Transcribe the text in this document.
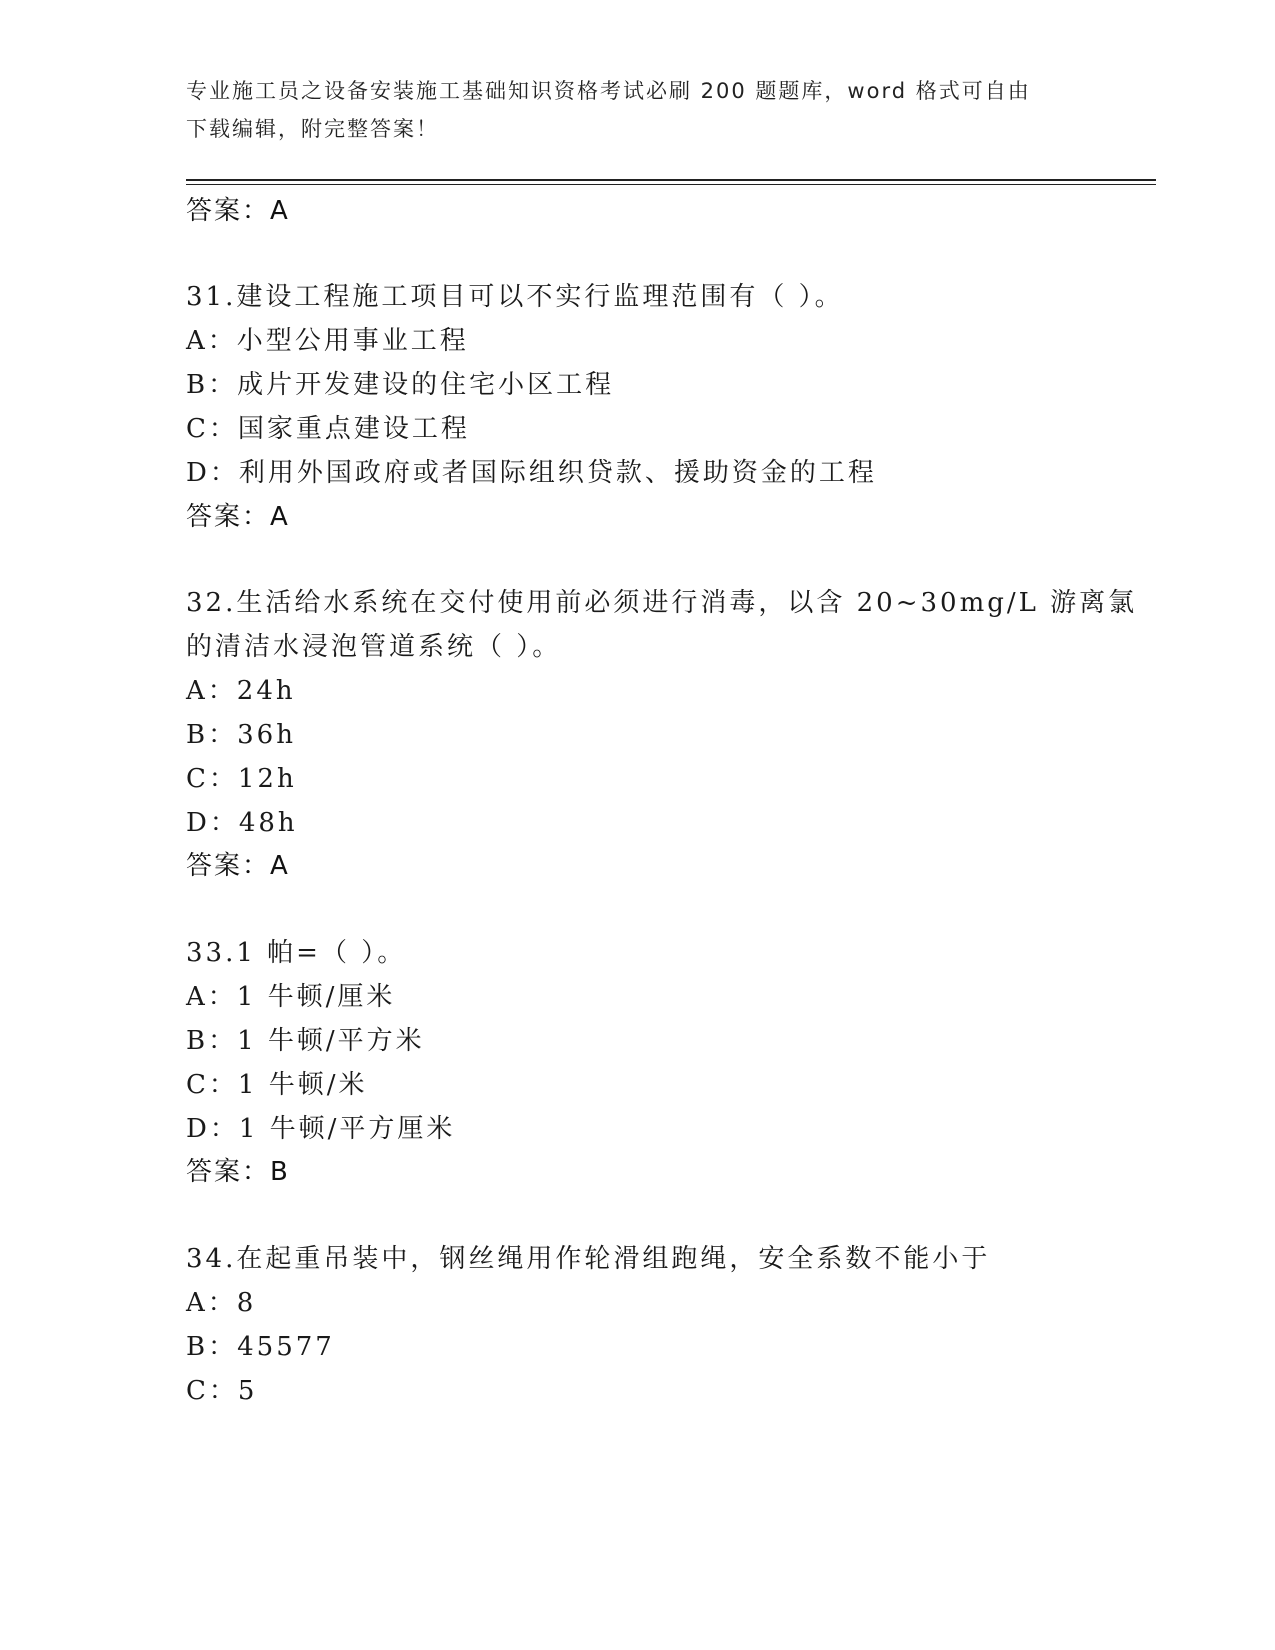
专业施工员之设备安装施工基础知识资格考试必刷 200 题题库，word 格式可自由
下载编辑，附完整答案！
答案：A
31.建设工程施工项目可以不实行监理范围有（ ）。
A：小型公用事业工程
B：成片开发建设的住宅小区工程
C：国家重点建设工程
D：利用外国政府或者国际组织贷款、援助资金的工程
答案：A
32.生活给水系统在交付使用前必须进行消毒，以含 20~30mg/L 游离氯
的清洁水浸泡管道系统（ ）。
A：24h
B：36h
C：12h
D：48h
答案：A
33.1 帕=（ ）。
A：1 牛顿/厘米
B：1 牛顿/平方米
C：1 牛顿/米
D：1 牛顿/平方厘米
答案：B
34.在起重吊装中，钢丝绳用作轮滑组跑绳，安全系数不能小于
A：8
B：45577
C：5
